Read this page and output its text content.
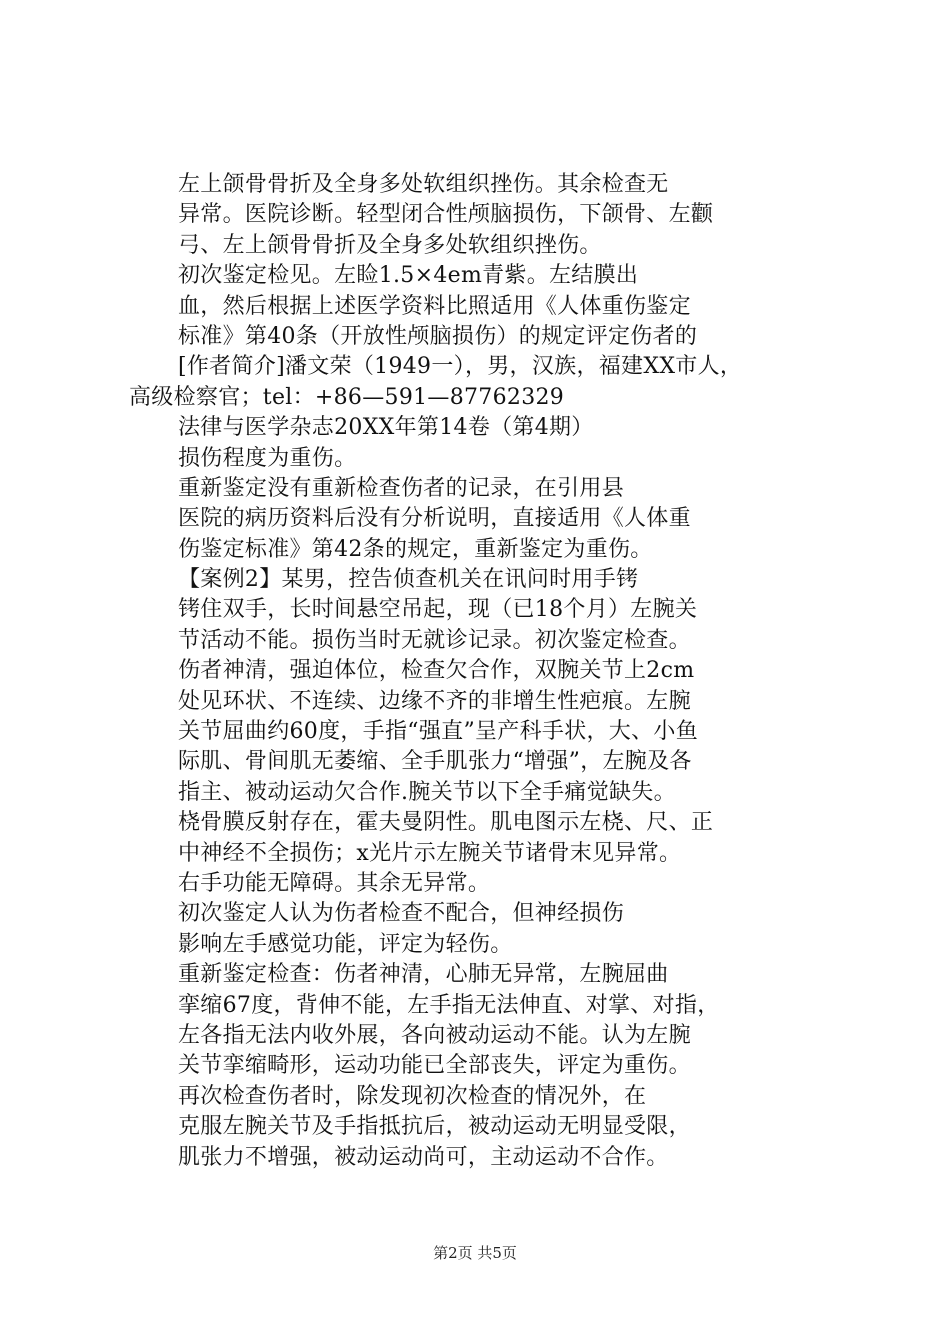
左上颌骨骨折及全身多处软组织挫伤。其余检查无
异常。医院诊断。轻型闭合性颅脑损伤，下颌骨、左颧
弓、左上颌骨骨折及全身多处软组织挫伤。
初次鉴定检见。左睑1.5×4em青紫。左结膜出
血，然后根据上述医学资料比照适用《人体重伤鉴定
标准》第40条（开放性颅脑损伤）的规定评定伤者的
[作者简介]潘文荣（1949一），男，汉族，福建XX市人，
高级检察官；tel：+86—591—87762329
法律与医学杂志20XX年第14卷（第4期）
损伤程度为重伤。
重新鉴定没有重新检查伤者的记录，在引用县
医院的病历资料后没有分析说明，直接适用《人体重
伤鉴定标准》第42条的规定，重新鉴定为重伤。
【案例2】某男，控告侦查机关在讯问时用手铐
铐住双手，长时间悬空吊起，现（已18个月）左腕关
节活动不能。损伤当时无就诊记录。初次鉴定检查。
伤者神清，强迫体位，检查欠合作，双腕关节上2cm
处见环状、不连续、边缘不齐的非增生性疤痕。左腕
关节屈曲约60度，手指“强直”呈产科手状，大、小鱼
际肌、骨间肌无萎缩、全手肌张力“增强”，左腕及各
指主、被动运动欠合作.腕关节以下全手痛觉缺失。
桡骨膜反射存在，霍夫曼阴性。肌电图示左桡、尺、正
中神经不全损伤；x光片示左腕关节诸骨末见异常。
右手功能无障碍。其余无异常。
初次鉴定人认为伤者检查不配合，但神经损伤
影响左手感觉功能，评定为轻伤。
重新鉴定检查：伤者神清，心肺无异常，左腕屈曲
挛缩67度，背伸不能，左手指无法伸直、对掌、对指，
左各指无法内收外展，各向被动运动不能。认为左腕
关节挛缩畸形，运动功能已全部丧失，评定为重伤。
再次检查伤者时，除发现初次检查的情况外，在
克服左腕关节及手指抵抗后，被动运动无明显受限，
肌张力不增强，被动运动尚可，主动运动不合作。
第2页 共5页
